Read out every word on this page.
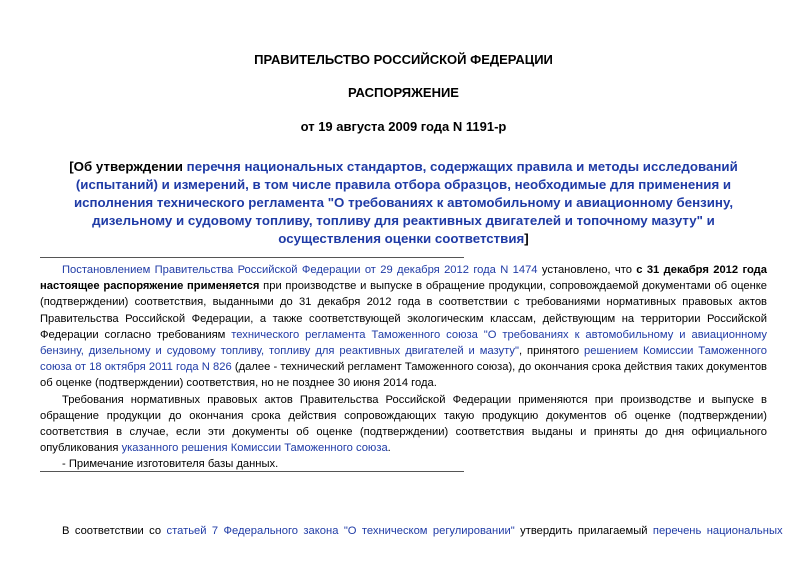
ПРАВИТЕЛЬСТВО РОССИЙСКОЙ ФЕДЕРАЦИИ
РАСПОРЯЖЕНИЕ
от 19 августа 2009 года N 1191-р
[Об утверждении перечня национальных стандартов, содержащих правила и методы исследований (испытаний) и измерений, в том числе правила отбора образцов, необходимые для применения и исполнения технического регламента "О требованиях к автомобильному и авиационному бензину, дизельному и судовому топливу, топливу для реактивных двигателей и топочному мазуту" и осуществления оценки соответствия]

Постановлением Правительства Российской Федерации от 29 декабря 2012 года N 1474 установлено, что с 31 декабря 2012 года настоящее распоряжение применяется при производстве и выпуске в обращение продукции, сопровождаемой документами об оценке (подтверждении) соответствия, выданными до 31 декабря 2012 года в соответствии с требованиями нормативных правовых актов Правительства Российской Федерации, а также соответствующей экологическим классам, действующим на территории Российской Федерации согласно требованиям технического регламента Таможенного союза "О требованиях к автомобильному и авиационному бензину, дизельному и судовому топливу, топливу для реактивных двигателей и мазуту", принятого решением Комиссии Таможенного союза от 18 октября 2011 года N 826 (далее - технический регламент Таможенного союза), до окончания срока действия таких документов об оценке (подтверждении) соответствия, но не позднее 30 июня 2014 года.

Требования нормативных правовых актов Правительства Российской Федерации применяются при производстве и выпуске в обращение продукции до окончания срока действия сопровождающих такую продукцию документов об оценке (подтверждении) соответствия в случае, если эти документы об оценке (подтверждении) соответствия выданы и приняты до дня официального опубликования указанного решения Комиссии Таможенного союза.

- Примечание изготовителя базы данных.

В соответствии со статьей 7 Федерального закона "О техническом регулировании" утвердить прилагаемый перечень национальных
